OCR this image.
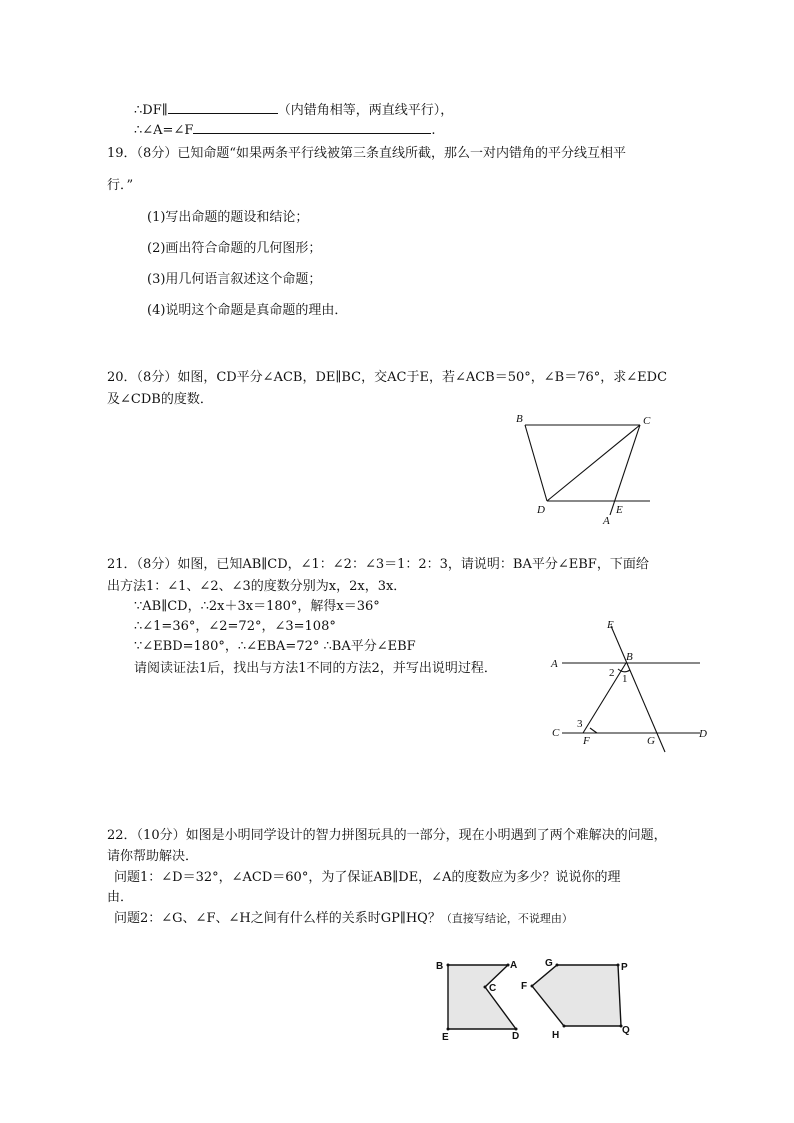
∴DF∥	（内错角相等，两直线平行），
∴∠A=∠F	.
19．（8分）已知命题“如果两条平行线被第三条直线所截，那么一对内错角的平分线互相平
行．”
(1)写出命题的题设和结论；
(2)画出符合命题的几何图形；
(3)用几何语言叙述这个命题；
(4)说明这个命题是真命题的理由．
20．（8分）如图，CD平分∠ACB，DE∥BC，交AC于E，若∠ACB＝50°，∠B＝76°，求∠EDC
及∠CDB的度数．
B	C
D
A
E
21．（8分）如图，已知AB∥CD，∠1：∠2：∠3＝1：2：3，请说明：BA平分∠EBF，下面给
出方法1：∠1、∠2、∠3的度数分别为x，2x，3x．
∵AB∥CD，∴2x＋3x＝180°，解得x＝36°
∴∠1=36°，∠2=72°，∠3=108°
∵∠EBD=180°，∴∠EBA=72° ∴BA平分∠EBF
请阅读证法1后，找出与方法1不同的方法2，并写出说明过程．
E
A
B
2 1
3
C
F	G
D
22．（10分）如图是小明同学设计的智力拼图玩具的一部分，现在小明遇到了两个难解决的问题，
请你帮助解决．
问题1：∠D＝32°，∠ACD＝60°，为了保证AB∥DE，∠A的度数应为多少？说说你的理
由．
问题2：∠G、∠F、∠H之间有什么样的关系时GP∥HQ？（直接写结论，不说理由）
B	A
C
E	D
G	P
F
H	Q
